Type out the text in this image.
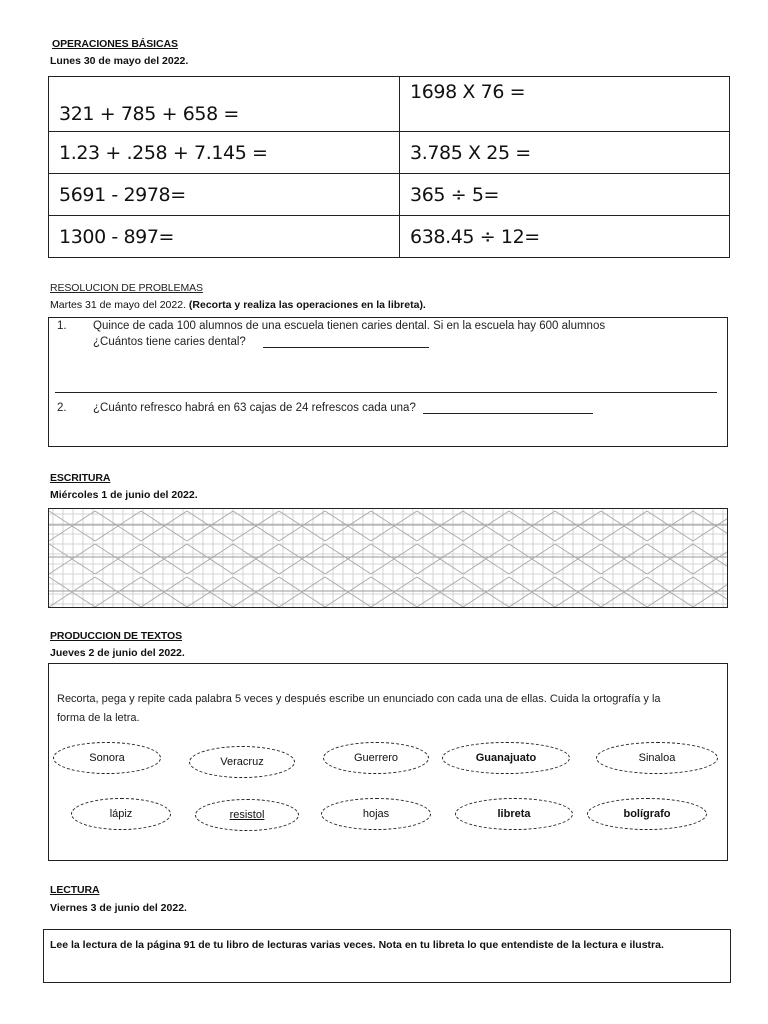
OPERACIONES BÁSICAS
Lunes 30 de mayo del 2022.
321 + 785 + 658 =	1698 X 76 =
1.23 + .258 + 7.145 =	3.785 X 25 =
5691 - 2978=	365 ÷ 5=
1300 - 897=	638.45 ÷ 12=
RESOLUCION DE PROBLEMAS
Martes 31 de mayo del 2022. (Recorta y realiza las operaciones en la libreta).
1. Quince de cada 100 alumnos de una escuela tienen caries dental. Si en la escuela hay 600 alumnos
¿Cuántos tiene caries dental?
2. ¿Cuánto refresco habrá en 63 cajas de 24 refrescos cada una?
ESCRITURA
Miércoles 1 de junio del 2022.
PRODUCCION DE TEXTOS
Jueves 2 de junio del 2022.
Recorta, pega y repite cada palabra 5 veces y después escribe un enunciado con cada una de ellas. Cuida la ortografía y la forma de la letra.
Sonora	Veracruz	Guerrero	Guanajuato	Sinaloa
lápiz	resistol	hojas	libreta	bolígrafo
LECTURA
Viernes 3 de junio del 2022.
Lee la lectura de la página 91 de tu libro de lecturas varias veces. Nota en tu libreta lo que entendiste de la lectura e ilustra.
